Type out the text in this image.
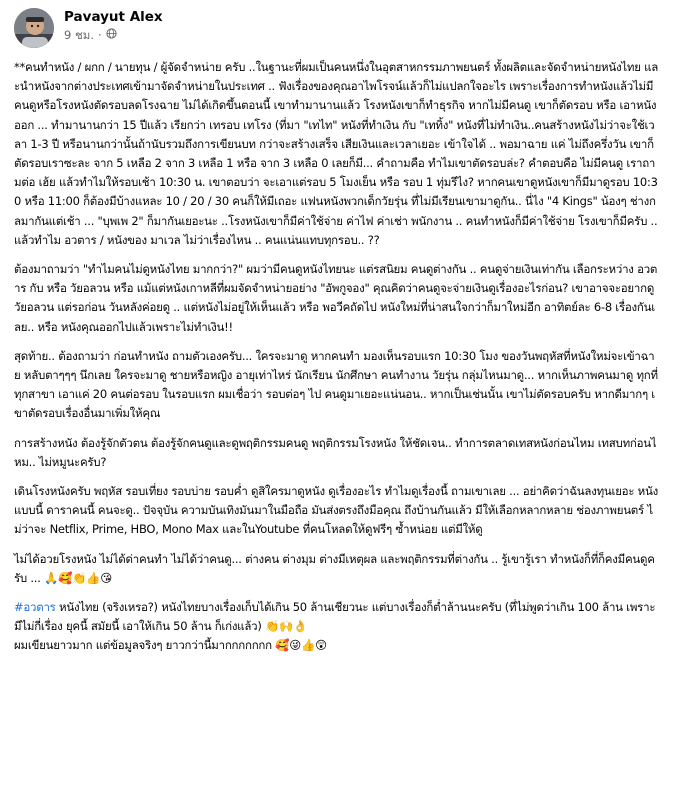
Pavayut Alex
9 ชม. ·

**คนทำหนัง / ผกก / นายทุน / ผู้จัดจำหน่าย ครับ ..ในฐานะที่ผมเป็นคนหนึ่งในอุตสาหกรรมภาพยนตร์ ทั้งผลิตและจัดจำหน่ายหนังไทย และนำหนังจากต่างประเทศเข้ามาจัดจำหน่ายในประเทศ .. ฟังเรื่องของคุณอาไพโรจน์แล้วก็ไม่แปลกใจอะไร เพราะเรื่องการทำหนังแล้วไม่มีคนดูหรือโรงหนังตัดรอบลดโรงฉาย ไม่ได้เกิดขึ้นตอนนี้ เขาทำมานานแล้ว โรงหนังเขาก็ทำธุรกิจ หากไม่มีคนดู เขาก็ตัดรอบ หรือ เอาหนังออก ... ทำมานานกว่า 15 ปีแล้ว เรียกว่า เทรอบ เทโรง (ที่มา "เทไท" หนังที่ทำเงิน กับ "เททิ้ง" หนังที่ไม่ทำเงิน..คนสร้างหนังไม่ว่าจะใช้เวลา 1-3 ปี หรือนานกว่านั้นถ้านับรวมถึงการเขียนบท กว่าจะสร้างเสร็จ เสียเงินและเวลาเยอะ เข้าใจได้ .. พอมาฉาย แค่ ไม่ถึงครึ่งวัน เขาก็ตัดรอบเราซะละ จาก 5 เหลือ 2 จาก 3 เหลือ 1 หรือ จาก 3 เหลือ 0 เลยก็มี... คำถามคือ ทำไมเขาตัดรอบล่ะ? คำตอบคือ ไม่มีคนดู เราถามต่อ เฮ้ย แล้วทำไมให้รอบเช้า 10:30 น. เขาตอบว่า จะเอาแต่รอบ 5 โมงเย็น หรือ รอบ 1 ทุ่มรึไง? หากคนเขาดูหนังเขาก็มีมาดูรอบ 10:30 หรือ 11:00 ก็ต้องมีบ้างแหละ 10 / 20 / 30 คนก็ให้มีเถอะ แฟนหนังพวกเด็กวัยรุ่น ที่ไม่มีเรียนเขามาดูกัน.. นี่ไง "4 Kings" น้องๆ ช่างกลมากันแต่เช้า ... "บุพเพ 2" ก็มากันเยอะนะ ..โรงหนังเขาก็มีค่าใช้จ่าย ค่าไฟ ค่าเช่า พนักงาน .. คนทำหนังก็มีค่าใช้จ่าย โรงเขาก็มีครับ .. แล้วทำไม อวตาร / หนังของ มาเวล ไม่ว่าเรื่องไหน .. คนแน่นแทบทุกรอบ.. ??

ต้องมาถามว่า "ทำไมคนไม่ดูหนังไทย มากกว่า?" ผมว่ามีคนดูหนังไทยนะ แต่รสนิยม คนดูต่างกัน .. คนดูจ่ายเงินเท่ากัน เลือกระหว่าง อวตาร กับ หรือ วัยอลวน หรือ แม้แต่หนังเกาหลีที่ผมจัดจำหน่ายอย่าง "อัพกูจอง" คุณคิดว่าคนดูจะจ่ายเงินดูเรื่องอะไรก่อน? เขาอาจจะอยากดู วัยอลวน แต่รอก่อน วันหลังค่อยดู .. แต่หนังไม่อยู่ให้เห็นแล้ว หรือ พอวีคถัดไป หนังใหม่ที่น่าสนใจกว่าก็มาใหม่อีก อาทิตย์ละ 6-8 เรื่องกันเลย.. หรือ หนังคุณออกไปแล้วเพราะไม่ทำเงิน!!

สุดท้าย.. ต้องถามว่า ก่อนทำหนัง ถามตัวเองครับ... ใครจะมาดู หากคนทำ มองเห็นรอบแรก 10:30 โมง ของวันพฤหัสที่หนังใหม่จะเข้าฉาย หลับตาๆๆๆ นึกเลย ใครจะมาดู ชายหรือหญิง อายุเท่าไหร่ นักเรียน นักศึกษา คนทำงาน วัยรุ่น กลุ่มไหนมาดู... หากเห็นภาพคนมาดู ทุกที่ ทุกสาขา เอาแค่ 20 คนต่อรอบ ในรอบแรก ผมเชื่อว่า รอบต่อๆ ไป คนดูมาเยอะแน่นอน.. หากเป็นเช่นนั้น เขาไม่ตัดรอบครับ หากดีมากๆ เขาตัดรอบเรื่องอื่นมาเพิ่มให้คุณ

การสร้างหนัง ต้องรู้จักตัวตน ต้องรู้จักคนดูและดูพฤติกรรมคนดู พฤติกรรมโรงหนัง ให้ชัดเจน.. ทำการตลาดเทสหนังก่อนไหม เทสบทก่อนไหม.. ไม่หมูนะครับ?

เดินโรงหนังครับ พฤหัส รอบเที่ยง รอบบ่าย รอบค่ำ ดูสิใครมาดูหนัง ดูเรื่องอะไร ทำไมดูเรื่องนี้ ถามเขาเลย ... อย่าคิดว่าฉันลงทุนเยอะ หนังแบบนี้ ดาราคนนี้ คนจะดู.. ปัจจุบัน ความบันเทิงมันมาในมือถือ มันส่งตรงถึงมือคุณ ถึงบ้านกันแล้ว มีให้เลือกหลากหลาย ช่องภาพยนตร์ ไม่ว่าจะ Netflix, Prime, HBO, Mono Max และในYoutube ที่คนโหลดให้ดูฟรีๆ ซ้ำหน่อย แต่มีให้ดู

ไม่ได้อวยโรงหนัง ไม่ได้ด่าคนทำ ไม่ได้ว่าคนดู... ต่างคน ต่างมุม ต่างมีเหตุผล และพฤติกรรมที่ต่างกัน .. รู้เขารู้เรา ทำหนังก็ที่ก็คงมีคนดูครับ ... 🙏🥰👏👍😘

#อวตาร หนังไทย (จริงเหรอ?) หนังไทยบางเรื่องเก็บได้เกิน 50 ล้านเชียวนะ แต่บางเรื่องก็ต่ำล้านนะครับ (ที่ไม่พูดว่าเกิน 100 ล้าน เพราะมีไม่กี่เรื่อง ยุคนี้ สมัยนี้ เอาให้เกิน 50 ล้าน ก็เก่งแล้ว) 👏🙌👌
ผมเขียนยาวมาก แต่ข้อมูลจริงๆ ยาวกว่านี้มากกกกกกก 🥰😜👍😲
